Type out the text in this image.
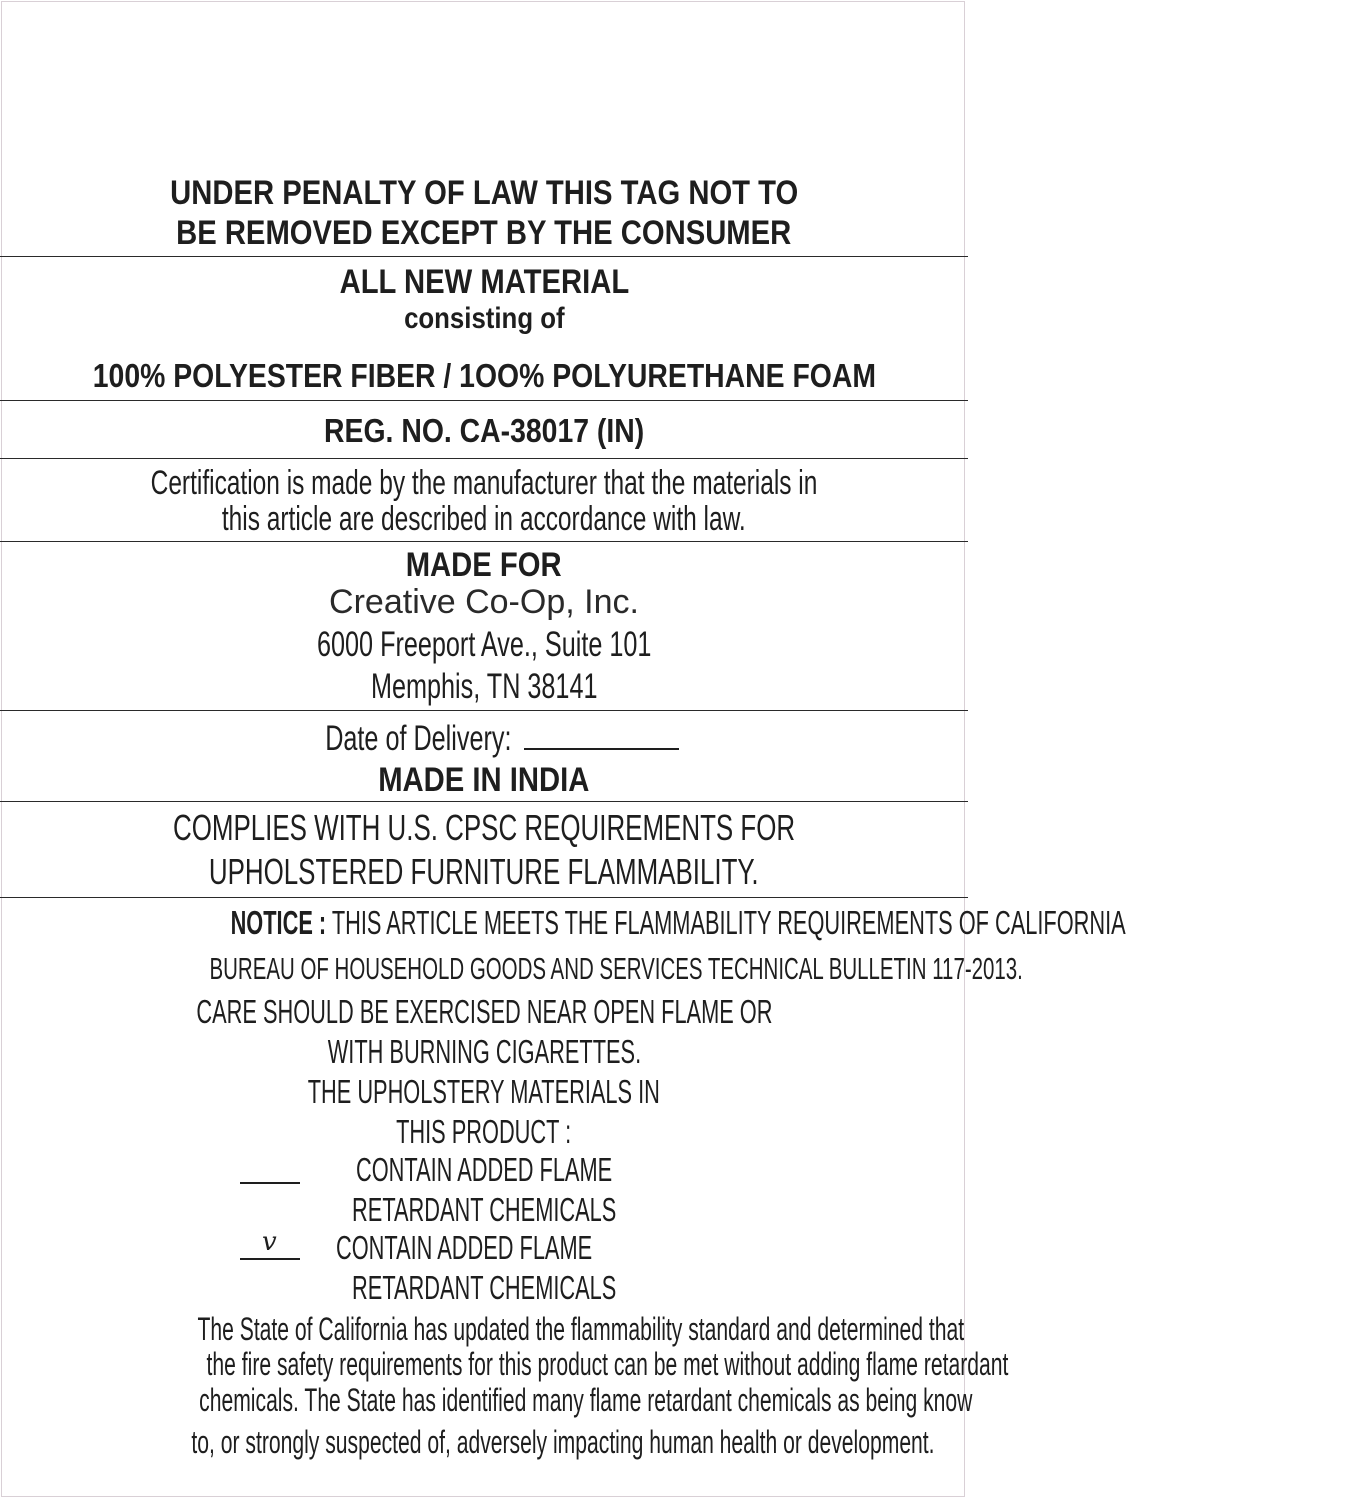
UNDER PENALTY OF LAW THIS TAG NOT TO
BE REMOVED EXCEPT BY THE CONSUMER
ALL NEW MATERIAL
consisting of
100% POLYESTER FIBER / 1OO% POLYURETHANE FOAM
REG. NO. CA-38017 (IN)
Certification is made by the manufacturer that the materials in
this article are described in accordance with law.
MADE FOR
Creative Co-Op, Inc.
6000 Freeport Ave., Suite 101
Memphis, TN 38141
Date of Delivery:
MADE IN INDIA
COMPLIES WITH U.S. CPSC REQUIREMENTS FOR
UPHOLSTERED FURNITURE FLAMMABILITY.
NOTICE : THIS ARTICLE MEETS THE FLAMMABILITY REQUIREMENTS OF CALIFORNIA
BUREAU OF HOUSEHOLD GOODS AND SERVICES TECHNICAL BULLETIN 117-2013.
CARE SHOULD BE EXERCISED NEAR OPEN FLAME OR
WITH BURNING CIGARETTES.
THE UPHOLSTERY MATERIALS IN
THIS PRODUCT :
CONTAIN ADDED FLAME
RETARDANT CHEMICALS
v	CONTAIN ADDED FLAME
RETARDANT CHEMICALS
The State of California has updated the flammability standard and determined that
the fire safety requirements for this product can be met without adding flame retardant
chemicals. The State has identified many flame retardant chemicals as being know
to, or strongly suspected of, adversely impacting human health or development.
